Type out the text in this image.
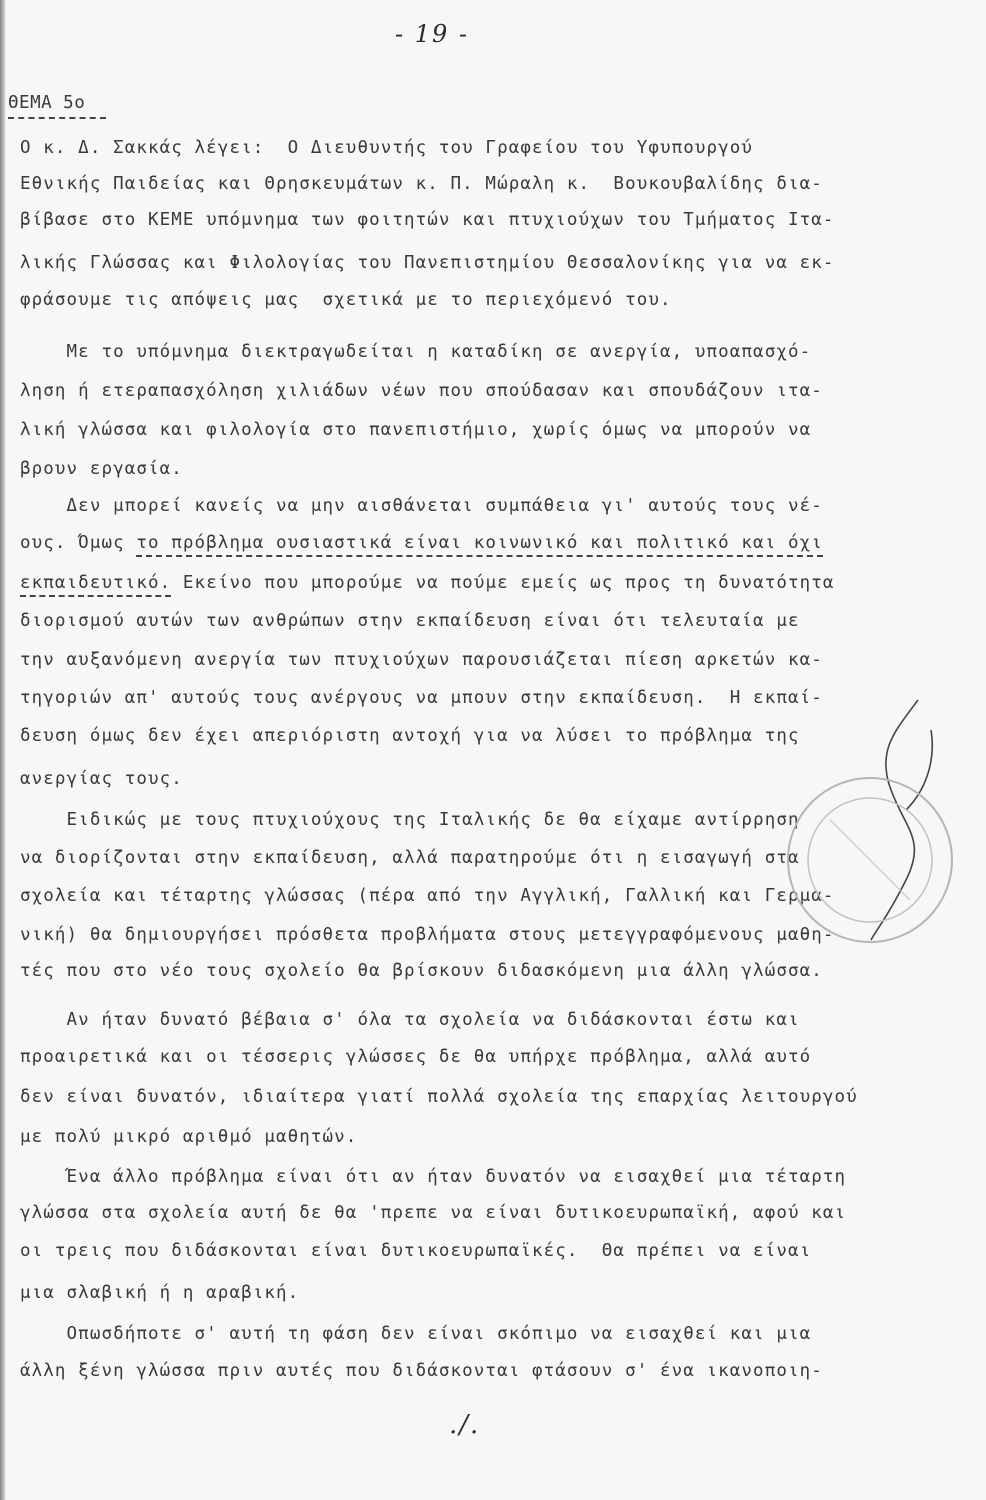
- 19 -
ΘΕΜΑ 5ο
Ο κ. Δ. Σακκάς λέγει:  Ο Διευθυντής του Γραφείου του Υφυπουργού
Εθνικής Παιδείας και Θρησκευμάτων κ. Π. Μώραλη κ.  Βουκουβαλίδης δια-
βίβασε στο ΚΕΜΕ υπόμνημα των φοιτητών και πτυχιούχων του Τμήματος Ιτα-
λικής Γλώσσας και Φιλολογίας του Πανεπιστημίου Θεσσαλονίκης για να εκ-
φράσουμε τις απόψεις μας  σχετικά με το περιεχόμενό του.
Με το υπόμνημα διεκτραγωδείται η καταδίκη σε ανεργία, υποαπασχό-
ληση ή ετεραπασχόληση χιλιάδων νέων που σπούδασαν και σπουδάζουν ιτα-
λική γλώσσα και φιλολογία στο πανεπιστήμιο, χωρίς όμως να μπορούν να
βρουν εργασία.
Δεν μπορεί κανείς να μην αισθάνεται συμπάθεια γι' αυτούς τους νέ-
ους. Όμως το πρόβλημα ουσιαστικά είναι κοινωνικό και πολιτικό και όχι
εκπαιδευτικό. Εκείνο που μπορούμε να πούμε εμείς ως προς τη δυνατότητα
διορισμού αυτών των ανθρώπων στην εκπαίδευση είναι ότι τελευταία με
την αυξανόμενη ανεργία των πτυχιούχων παρουσιάζεται πίεση αρκετών κα-
τηγοριών απ' αυτούς τους ανέργους να μπουν στην εκπαίδευση.  Η εκπαί-
δευση όμως δεν έχει απεριόριστη αντοχή για να λύσει το πρόβλημα της
ανεργίας τους.
Ειδικώς με τους πτυχιούχους της Ιταλικής δε θα είχαμε αντίρρηση
να διορίζονται στην εκπαίδευση, αλλά παρατηρούμε ότι η εισαγωγή στα
σχολεία και τέταρτης γλώσσας (πέρα από την Αγγλική, Γαλλική και Γερμα-
νική) θα δημιουργήσει πρόσθετα προβλήματα στους μετεγγραφόμενους μαθη-
τές που στο νέο τους σχολείο θα βρίσκουν διδασκόμενη μια άλλη γλώσσα.
Αν ήταν δυνατό βέβαια σ' όλα τα σχολεία να διδάσκονται έστω και
προαιρετικά και οι τέσσερις γλώσσες δε θα υπήρχε πρόβλημα, αλλά αυτό
δεν είναι δυνατόν, ιδιαίτερα γιατί πολλά σχολεία της επαρχίας λειτουργού
με πολύ μικρό αριθμό μαθητών.
Ένα άλλο πρόβλημα είναι ότι αν ήταν δυνατόν να εισαχθεί μια τέταρτη
γλώσσα στα σχολεία αυτή δε θα 'πρεπε να είναι δυτικοευρωπαϊκή, αφού και
οι τρεις που διδάσκονται είναι δυτικοευρωπαϊκές.  Θα πρέπει να είναι
μια σλαβική ή η αραβική.
Οπωσδήποτε σ' αυτή τη φάση δεν είναι σκόπιμο να εισαχθεί και μια
άλλη ξένη γλώσσα πριν αυτές που διδάσκονται φτάσουν σ' ένα ικανοποιη-
./.
